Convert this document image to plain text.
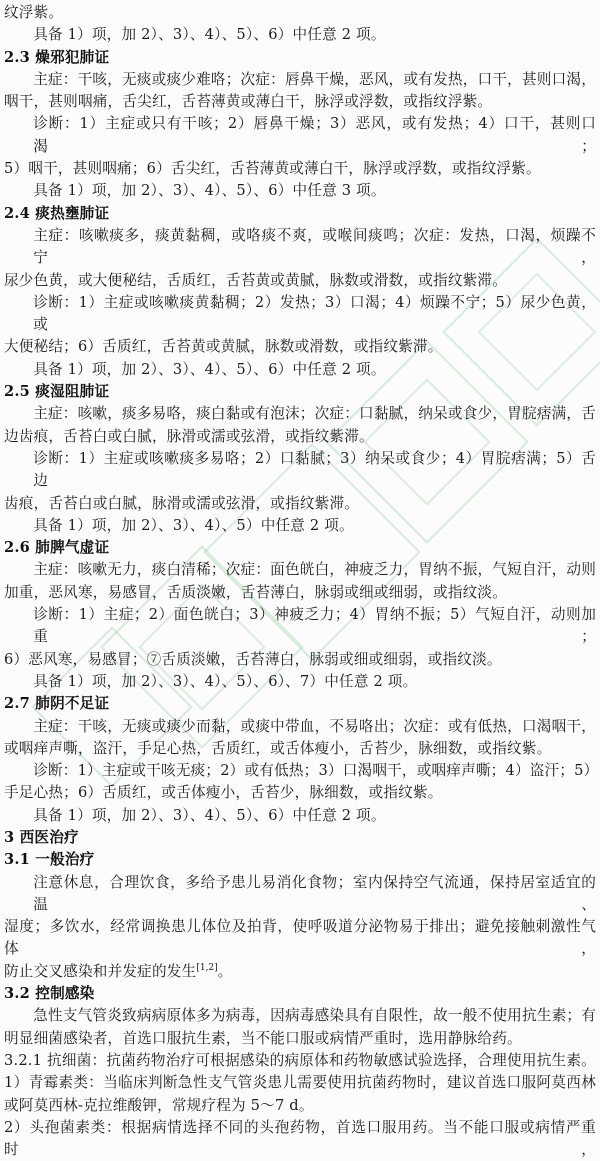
纹浮紫。
具备 1）项，加 2）、3）、4）、5）、6）中任意 2 项。
2.3 燥邪犯肺证
主症：干咳，无痰或痰少难咯；次症：唇鼻干燥，恶风，或有发热，口干，甚则口渴，
咽干，甚则咽痛，舌尖红，舌苔薄黄或薄白干，脉浮或浮数，或指纹浮紫。
诊断：1）主症或只有干咳；2）唇鼻干燥；3）恶风，或有发热；4）口干，甚则口渴；
5）咽干，甚则咽痛；6）舌尖红，舌苔薄黄或薄白干，脉浮或浮数，或指纹浮紫。
具备 1）项，加 2）、3）、4）、5）、6）中任意 3 项。
2.4 痰热壅肺证
主症：咳嗽痰多，痰黄黏稠，或咯痰不爽，或喉间痰鸣；次症：发热，口渴，烦躁不宁，
尿少色黄，或大便秘结，舌质红，舌苔黄或黄腻，脉数或滑数，或指纹紫滞。
诊断：1）主症或咳嗽痰黄黏稠；2）发热；3）口渴；4）烦躁不宁；5）尿少色黄，或
大便秘结；6）舌质红，舌苔黄或黄腻，脉数或滑数，或指纹紫滞。
具备 1）项，加 2）、3）、4）、5）、6）中任意 2 项。
2.5 痰湿阻肺证
主症：咳嗽，痰多易咯，痰白黏或有泡沫；次症：口黏腻，纳呆或食少，胃脘痞满，舌
边齿痕，舌苔白或白腻，脉滑或濡或弦滑，或指纹紫滞。
诊断：1）主症或咳嗽痰多易咯；2）口黏腻；3）纳呆或食少；4）胃脘痞满；5）舌边
齿痕，舌苔白或白腻，脉滑或濡或弦滑，或指纹紫滞。
具备 1）项，加 2）、3）、4）、5）中任意 2 项。
2.6 肺脾气虚证
主症：咳嗽无力，痰白清稀；次症：面色㿠白，神疲乏力，胃纳不振，气短自汗，动则
加重，恶风寒，易感冒，舌质淡嫩，舌苔薄白，脉弱或细或细弱，或指纹淡。
诊断：1）主症；2）面色㿠白；3）神疲乏力；4）胃纳不振；5）气短自汗，动则加重；
6）恶风寒，易感冒；⑦舌质淡嫩，舌苔薄白，脉弱或细或细弱，或指纹淡。
具备 1）项，加 2）、3）、4）、5）、6）、7）中任意 2 项。
2.7 肺阴不足证
主症：干咳，无痰或痰少而黏，或痰中带血，不易咯出；次症：或有低热，口渴咽干，
或咽痒声嘶，盗汗，手足心热，舌质红，或舌体瘦小，舌苔少，脉细数，或指纹紫。
诊断：1）主症或干咳无痰；2）或有低热；3）口渴咽干，或咽痒声嘶；4）盗汗；5）
手足心热；6）舌质红，或舌体瘦小，舌苔少，脉细数，或指纹紫。
具备 1）项，加 2）、3）、4）、5）、6）中任意 2 项。
3 西医治疗
3.1 一般治疗
注意休息，合理饮食，多给予患儿易消化食物；室内保持空气流通，保持居室适宜的温、
湿度；多饮水，经常调换患儿体位及拍背，使呼吸道分泌物易于排出；避免接触刺激性气体，
防止交叉感染和并发症的发生[1,2]。
3.2 控制感染
急性支气管炎致病病原体多为病毒，因病毒感染具有自限性，故一般不使用抗生素；有
明显细菌感染者，首选口服抗生素，当不能口服或病情严重时，选用静脉给药。
3.2.1 抗细菌：抗菌药物治疗可根据感染的病原体和药物敏感试验选择，合理使用抗生素。
1）青霉素类：当临床判断急性支气管炎患儿需要使用抗菌药物时，建议首选口服阿莫西林
或阿莫西林-克拉维酸钾，常规疗程为 5～7 d。
2）头孢菌素类：根据病情选择不同的头孢药物，首选口服用药。当不能口服或病情严重时，
